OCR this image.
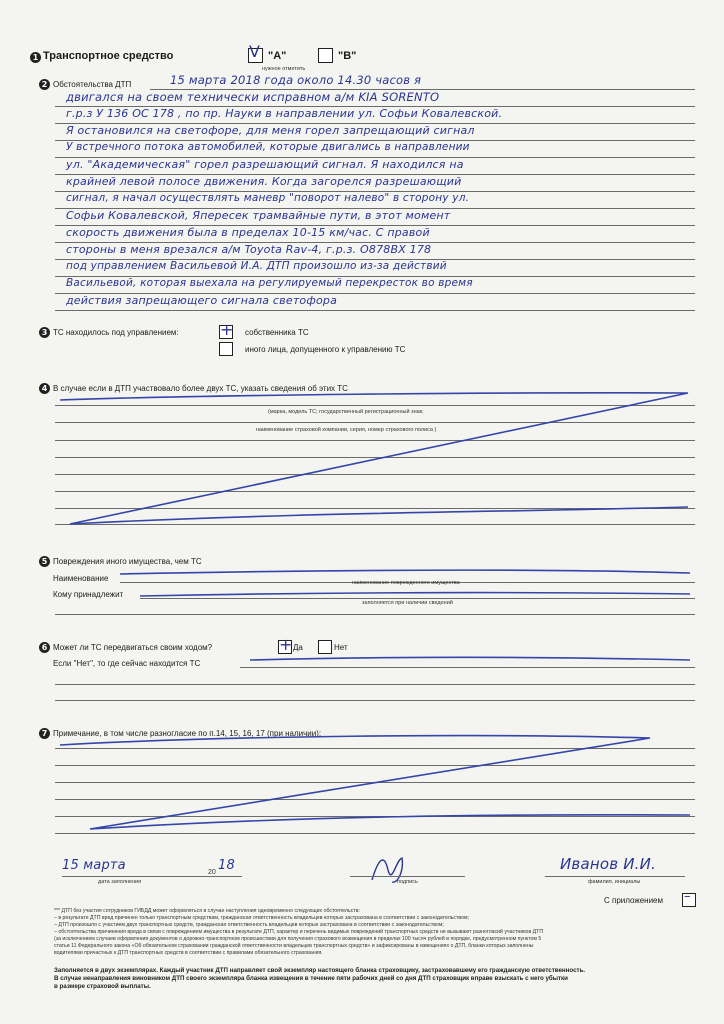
1 Транспортное средство	V "А"	"В"
нужное отметить
2 Обстоятельства ДТП	15 марта 2018 года около 14.30 часов я
двигался на своем технически исправном а/м KIA SORENTO
г.р.з У 136 ОС 178 , по пр. Науки в направлении ул. Софьи Ковалевской.
Я остановился на светофоре, для меня горел запрещающий сигнал
У встречного потока автомобилей, которые двигались в направлении
ул. "Академическая" горел разрешающий сигнал. Я находился на
крайней левой полосе движения. Когда загорелся разрешающий
сигнал, я начал осуществлять маневр "поворот налево" в сторону ул.
Софьи Ковалевской, Япересек трамвайные пути, в этот момент
скорость движения была в пределах 10-15 км/час. С правой
стороны в меня врезался а/м Toyota Rav-4, г.р.з. О878ВХ 178
под управлением Васильевой И.А. ДТП произошло из-за действий
Васильевой, которая выехала на регулируемый перекресток во время
действия запрещающего сигнала светофора
3 ТС находилось под управлением:	+ собственника ТС
иного лица, допущенного к управлению ТС
4 В случае если в ДТП участвовало более двух ТС, указать сведения об этих ТС
(марка, модель ТС; государственный регистрационный знак;
наименование страховой компании, серия, номер страхового полиса )
5 Повреждения иного имущества, чем ТС
Наименование	наименование поврежденного имущества
Кому принадлежит
заполняется при наличии сведений
6 Может ли ТС передвигаться своим ходом?	+ Да	Нет
Если "Нет", то где сейчас находится ТС
7 Примечание, в том числе разногласие по п.14, 15, 16, 17 (при наличии):
15 марта	20 18
дата заполнения	подпись
Иванов И.И.
фамилия, инициалы
С приложением –
*** ДТП без участия сотрудников ГИБДД может оформляться в случае наступления одновременно следующих обстоятельств:
– в результате ДТП вред причинен только транспортным средствам, гражданская ответственность владельцев которых застрахована в соответствии с законодательством;
– ДТП произошло с участием двух транспортных средств, гражданская ответственность владельцев которых застрахована в соответствии с законодательством;
– обстоятельства причинения вреда в связи с повреждением имущества в результате ДТП, характер и перечень видимых повреждений транспортных средств не вызывают разногласий участников ДТП
(за исключением случаев оформления документов о дорожно-транспортном происшествии для получения страхового возмещения в пределах 100 тысяч рублей в порядке, предусмотренном пунктом 5
статьи 11 Федерального закона «Об обязательном страховании гражданской ответственности владельцев транспортных средств» и зафиксированы в извещениях о ДТП, бланки которых заполнены
водителями причастных к ДТП транспортных средств в соответствии с правилами обязательного страхования.
Заполняется в двух экземплярах. Каждый участник ДТП направляет свой экземпляр настоящего бланка страховщику, застраховавшему его гражданскую ответственность.
В случае ненаправления виновником ДТП своего экземпляра бланка извещения в течение пяти рабочих дней со дня ДТП страховщик вправе взыскать с него убытки
в размере страховой выплаты.
